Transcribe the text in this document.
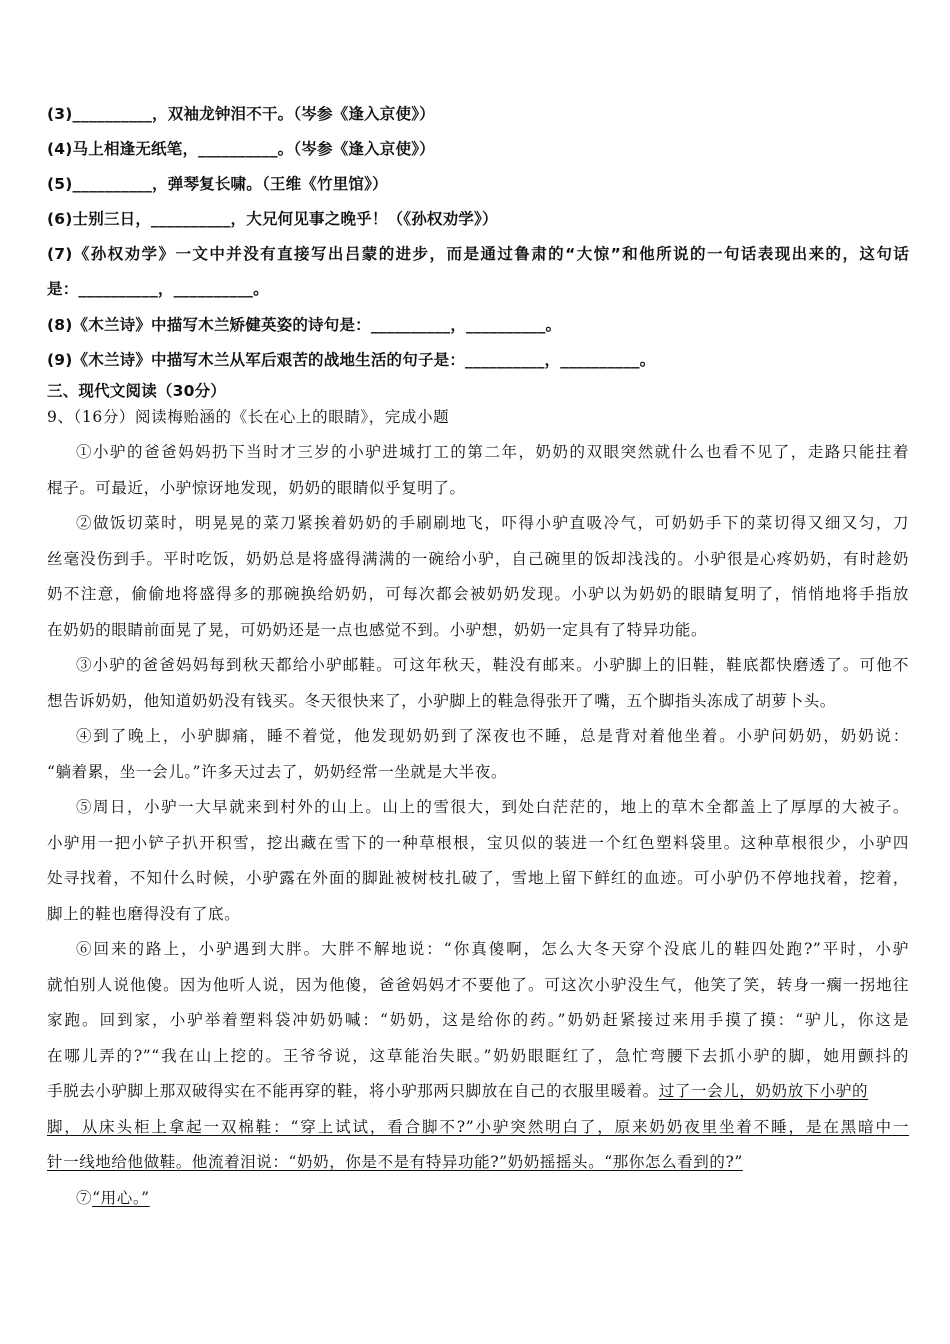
(3)__________，双袖龙钟泪不干。（岑参《逢入京使》）
(4)马上相逢无纸笔，__________。（岑参《逢入京使》）
(5)__________，弹琴复长啸。（王维《竹里馆》）
(6)士别三日，__________，大兄何见事之晚乎！（《孙权劝学》）
(7)《孙权劝学》一文中并没有直接写出吕蒙的进步，而是通过鲁肃的“大惊”和他所说的一句话表现出来的，这句话
是：__________，__________。
(8)《木兰诗》中描写木兰矫健英姿的诗句是：__________，__________。
(9)《木兰诗》中描写木兰从军后艰苦的战地生活的句子是：__________，__________。
三、现代文阅读（30分）
9、（16分）阅读梅贻涵的《长在心上的眼睛》，完成小题
①小驴的爸爸妈妈扔下当时才三岁的小驴进城打工的第二年，奶奶的双眼突然就什么也看不见了，走路只能拄着
棍子。可最近，小驴惊讶地发现，奶奶的眼睛似乎复明了。
②做饭切菜时，明晃晃的菜刀紧挨着奶奶的手刷刷地飞，吓得小驴直吸冷气，可奶奶手下的菜切得又细又匀，刀
丝毫没伤到手。平时吃饭，奶奶总是将盛得满满的一碗给小驴，自己碗里的饭却浅浅的。小驴很是心疼奶奶，有时趁奶
奶不注意，偷偷地将盛得多的那碗换给奶奶，可每次都会被奶奶发现。小驴以为奶奶的眼睛复明了，悄悄地将手指放
在奶奶的眼睛前面晃了晃，可奶奶还是一点也感觉不到。小驴想，奶奶一定具有了特异功能。
③小驴的爸爸妈妈每到秋天都给小驴邮鞋。可这年秋天，鞋没有邮来。小驴脚上的旧鞋，鞋底都快磨透了。可他不
想告诉奶奶，他知道奶奶没有钱买。冬天很快来了，小驴脚上的鞋急得张开了嘴，五个脚指头冻成了胡萝卜头。
④到了晚上，小驴脚痛，睡不着觉，他发现奶奶到了深夜也不睡，总是背对着他坐着。小驴问奶奶，奶奶说：
“躺着累，坐一会儿。”许多天过去了，奶奶经常一坐就是大半夜。
⑤周日，小驴一大早就来到村外的山上。山上的雪很大，到处白茫茫的，地上的草木全都盖上了厚厚的大被子。
小驴用一把小铲子扒开积雪，挖出藏在雪下的一种草根根，宝贝似的装进一个红色塑料袋里。这种草根很少，小驴四
处寻找着，不知什么时候，小驴露在外面的脚趾被树枝扎破了，雪地上留下鲜红的血迹。可小驴仍不停地找着，挖着，
脚上的鞋也磨得没有了底。
⑥回来的路上，小驴遇到大胖。大胖不解地说：“你真傻啊，怎么大冬天穿个没底儿的鞋四处跑?”平时，小驴
就怕别人说他傻。因为他听人说，因为他傻，爸爸妈妈才不要他了。可这次小驴没生气，他笑了笑，转身一瘸一拐地往
家跑。回到家，小驴举着塑料袋冲奶奶喊：“奶奶，这是给你的药。”奶奶赶紧接过来用手摸了摸：“驴儿，你这是
在哪儿弄的?”“我在山上挖的。王爷爷说，这草能治失眠。”奶奶眼眶红了，急忙弯腰下去抓小驴的脚，她用颤抖的
手脱去小驴脚上那双破得实在不能再穿的鞋，将小驴那两只脚放在自己的衣服里暖着。过了一会儿，奶奶放下小驴的
脚，从床头柜上拿起一双棉鞋：“穿上试试，看合脚不?”小驴突然明白了，原来奶奶夜里坐着不睡，是在黑暗中一
针一线地给他做鞋。他流着泪说：“奶奶，你是不是有特异功能?”奶奶摇摇头。“那你怎么看到的?”
⑦“用心。”
